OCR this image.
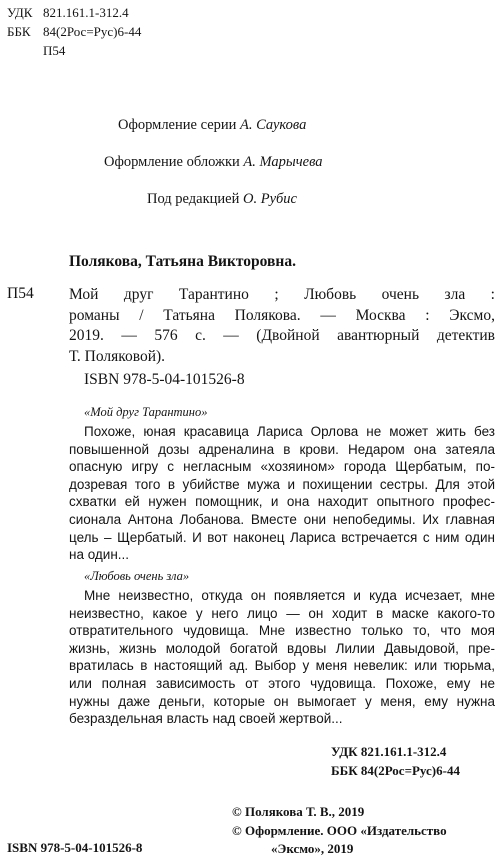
УДК 821.161.1-312.4
ББК 84(2Рос=Рус)6-44
П54
Оформление серии А. Саукова
Оформление обложки А. Марычева
Под редакцией О. Рубис
Полякова, Татьяна Викторовна.
П54 Мой друг Тарантино ; Любовь очень зла :
романы / Татьяна Полякова. — Москва : Эксмо,
2019. — 576 с. — (Двойной авантюрный детектив
Т. Поляковой).
ISBN 978-5-04-101526-8
«Мой друг Тарантино»
Похоже, юная красавица Лариса Орлова не может жить без
повышенной дозы адреналина в крови. Недаром она затеяла
опасную игру с негласным «хозяином» города Щербатым, по-
дозревая того в убийстве мужа и похищении сестры. Для этой
схватки ей нужен помощник, и она находит опытного профес-
сионала Антона Лобанова. Вместе они непобедимы. Их главная
цель – Щербатый. И вот наконец Лариса встречается с ним один
на один...
«Любовь очень зла»
Мне неизвестно, откуда он появляется и куда исчезает, мне
неизвестно, какое у него лицо — он ходит в маске какого-то
отвратительного чудовища. Мне известно только то, что моя
жизнь, жизнь молодой богатой вдовы Лилии Давыдовой, пре-
вратилась в настоящий ад. Выбор у меня невелик: или тюрьма,
или полная зависимость от этого чудовища. Похоже, ему не
нужны даже деньги, которые он вымогает у меня, ему нужна
безраздельная власть над своей жертвой...
УДК 821.161.1-312.4
ББК 84(2Рос=Рус)6-44
ISBN 978-5-04-101526-8
© Полякова Т. В., 2019
© Оформление. ООО «Издательство
«Эксмо», 2019
